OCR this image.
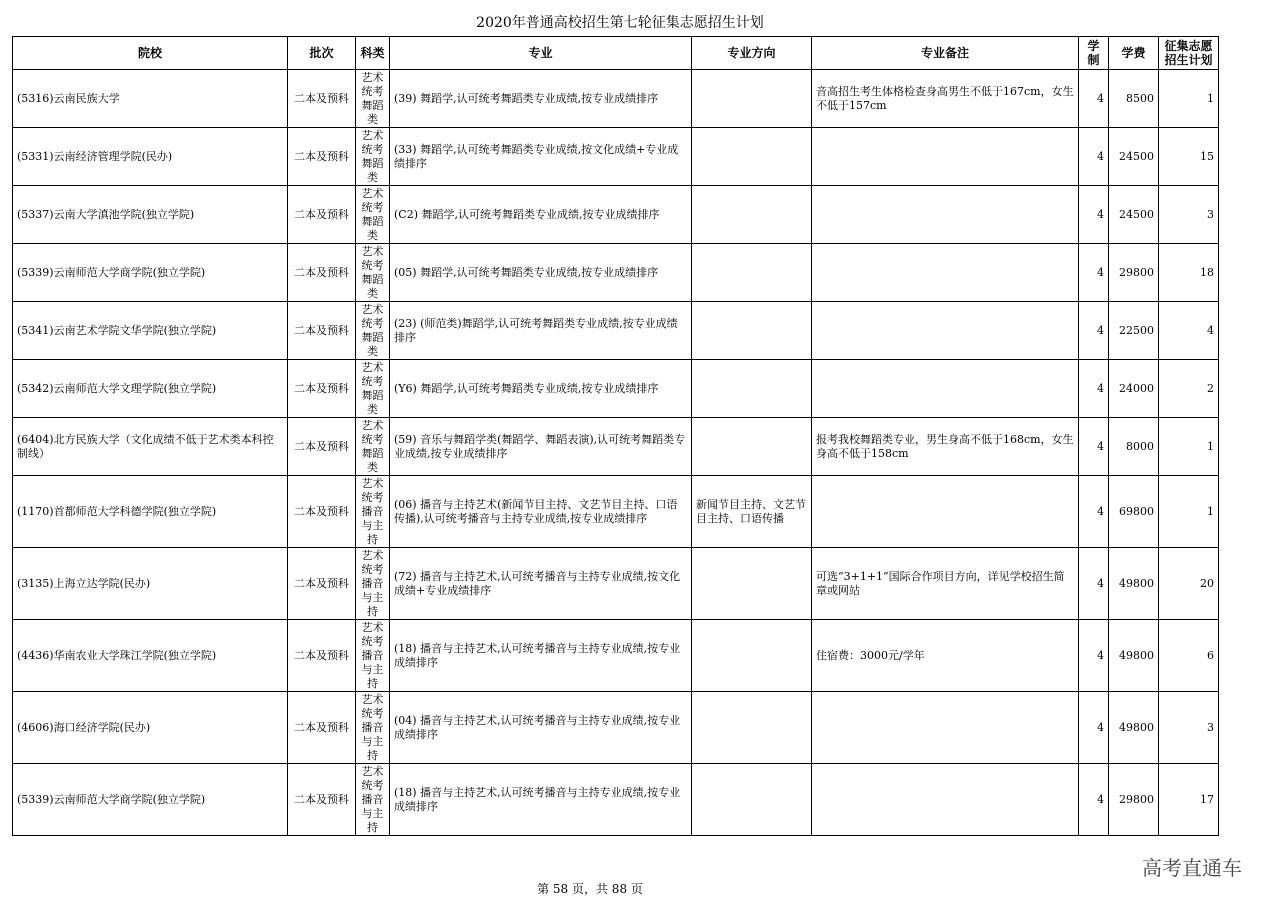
2020年普通高校招生第七轮征集志愿招生计划
院校	批次	科类	专业	专业方向	专业备注	学制	学费	征集志愿招生计划
(5316)云南民族大学	二本及预科	艺术统考舞蹈类	(39) 舞蹈学,认可统考舞蹈类专业成绩,按专业成绩排序		音高招生考生体格检查身高男生不低于167cm，女生不低于157cm	4	8500	1
(5331)云南经济管理学院(民办)	二本及预科	艺术统考舞蹈类	(33) 舞蹈学,认可统考舞蹈类专业成绩,按文化成绩+专业成绩排序			4	24500	15
(5337)云南大学滇池学院(独立学院)	二本及预科	艺术统考舞蹈类	(C2) 舞蹈学,认可统考舞蹈类专业成绩,按专业成绩排序			4	24500	3
(5339)云南师范大学商学院(独立学院)	二本及预科	艺术统考舞蹈类	(05) 舞蹈学,认可统考舞蹈类专业成绩,按专业成绩排序			4	29800	18
(5341)云南艺术学院文华学院(独立学院)	二本及预科	艺术统考舞蹈类	(23) (师范类)舞蹈学,认可统考舞蹈类专业成绩,按专业成绩排序			4	22500	4
(5342)云南师范大学文理学院(独立学院)	二本及预科	艺术统考舞蹈类	(Y6) 舞蹈学,认可统考舞蹈类专业成绩,按专业成绩排序			4	24000	2
(6404)北方民族大学（文化成绩不低于艺术类本科控制线）	二本及预科	艺术统考舞蹈类	(59) 音乐与舞蹈学类(舞蹈学、舞蹈表演),认可统考舞蹈类专业成绩,按专业成绩排序		报考我校舞蹈类专业，男生身高不低于168cm，女生身高不低于158cm	4	8000	1
(1170)首都师范大学科德学院(独立学院)	二本及预科	艺术统考播音与主持	(06) 播音与主持艺术(新闻节目主持、文艺节目主持、口语传播),认可统考播音与主持专业成绩,按专业成绩排序	新闻节目主持、文艺节目主持、口语传播		4	69800	1
(3135)上海立达学院(民办)	二本及预科	艺术统考播音与主持	(72) 播音与主持艺术,认可统考播音与主持专业成绩,按文化成绩+专业成绩排序		可选“3+1+1”国际合作项目方向，详见学校招生简章或网站	4	49800	20
(4436)华南农业大学珠江学院(独立学院)	二本及预科	艺术统考播音与主持	(18) 播音与主持艺术,认可统考播音与主持专业成绩,按专业成绩排序		住宿费：3000元/学年	4	49800	6
(4606)海口经济学院(民办)	二本及预科	艺术统考播音与主持	(04) 播音与主持艺术,认可统考播音与主持专业成绩,按专业成绩排序			4	49800	3
(5339)云南师范大学商学院(独立学院)	二本及预科	艺术统考播音与主持	(18) 播音与主持艺术,认可统考播音与主持专业成绩,按专业成绩排序			4	29800	17
高考直通车
第 58 页，共 88 页
